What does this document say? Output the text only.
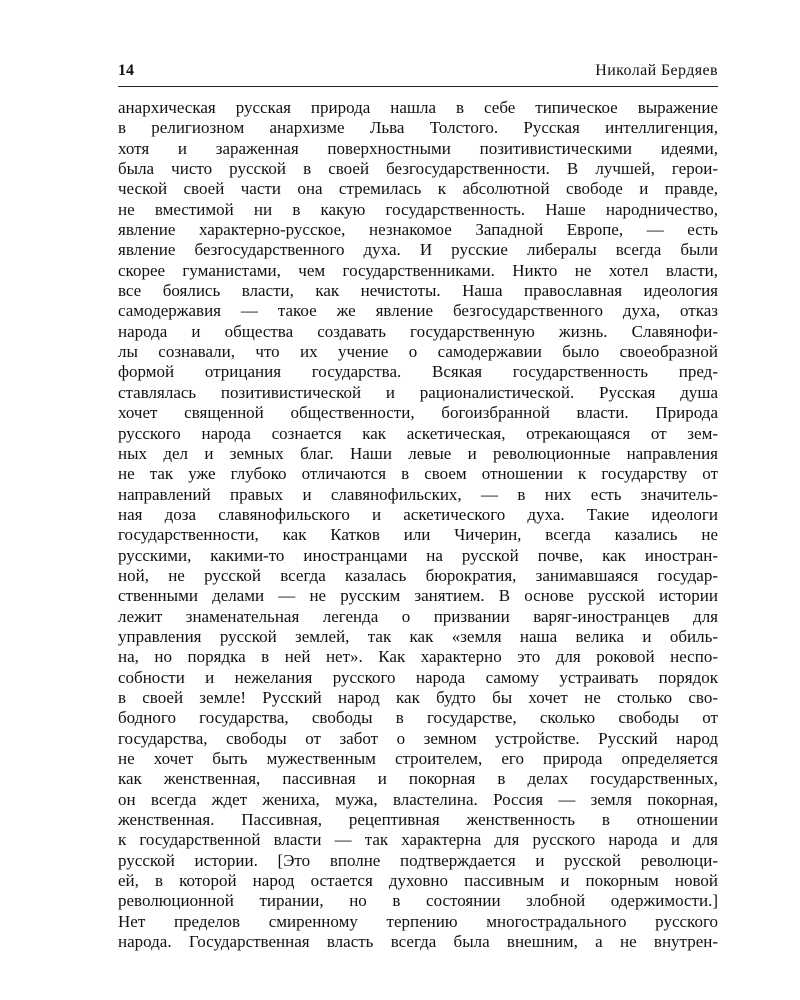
14	Николай Бердяев
анархическая русская природа нашла в себе типическое выражение
в религиозном анархизме Льва Толстого. Русская интеллигенция,
хотя и зараженная поверхностными позитивистическими идеями,
была чисто русской в своей безгосударственности. В лучшей, герои-
ческой своей части она стремилась к абсолютной свободе и правде,
не вместимой ни в какую государственность. Наше народничество,
явление характерно-русское, незнакомое Западной Европе, — есть
явление безгосударственного духа. И русские либералы всегда были
скорее гуманистами, чем государственниками. Никто не хотел власти,
все боялись власти, как нечистоты. Наша православная идеология
самодержавия — такое же явление безгосударственного духа, отказ
народа и общества создавать государственную жизнь. Славянофи-
лы сознавали, что их учение о самодержавии было своеобразной
формой отрицания государства. Всякая государственность пред-
ставлялась позитивистической и рационалистической. Русская душа
хочет священной общественности, богоизбранной власти. Природа
русского народа сознается как аскетическая, отрекающаяся от зем-
ных дел и земных благ. Наши левые и революционные направления
не так уже глубоко отличаются в своем отношении к государству от
направлений правых и славянофильских, — в них есть значитель-
ная доза славянофильского и аскетического духа. Такие идеологи
государственности, как Катков или Чичерин, всегда казались не
русскими, какими-то иностранцами на русской почве, как иностран-
ной, не русской всегда казалась бюрократия, занимавшаяся государ-
ственными делами — не русским занятием. В основе русской истории
лежит знаменательная легенда о призвании варяг-иностранцев для
управления русской землей, так как «земля наша велика и обиль-
на, но порядка в ней нет». Как характерно это для роковой неспо-
собности и нежелания русского народа самому устраивать порядок
в своей земле! Русский народ как будто бы хочет не столько сво-
бодного государства, свободы в государстве, сколько свободы от
государства, свободы от забот о земном устройстве. Русский народ
не хочет быть мужественным строителем, его природа определяется
как женственная, пассивная и покорная в делах государственных,
он всегда ждет жениха, мужа, властелина. Россия — земля покорная,
женственная. Пассивная, рецептивная женственность в отношении
к государственной власти — так характерна для русского народа и для
русской истории. [Это вполне подтверждается и русской революци-
ей, в которой народ остается духовно пассивным и покорным новой
революционной тирании, но в состоянии злобной одержимости.]
Нет пределов смиренному терпению многострадального русского
народа. Государственная власть всегда была внешним, а не внутрен-
